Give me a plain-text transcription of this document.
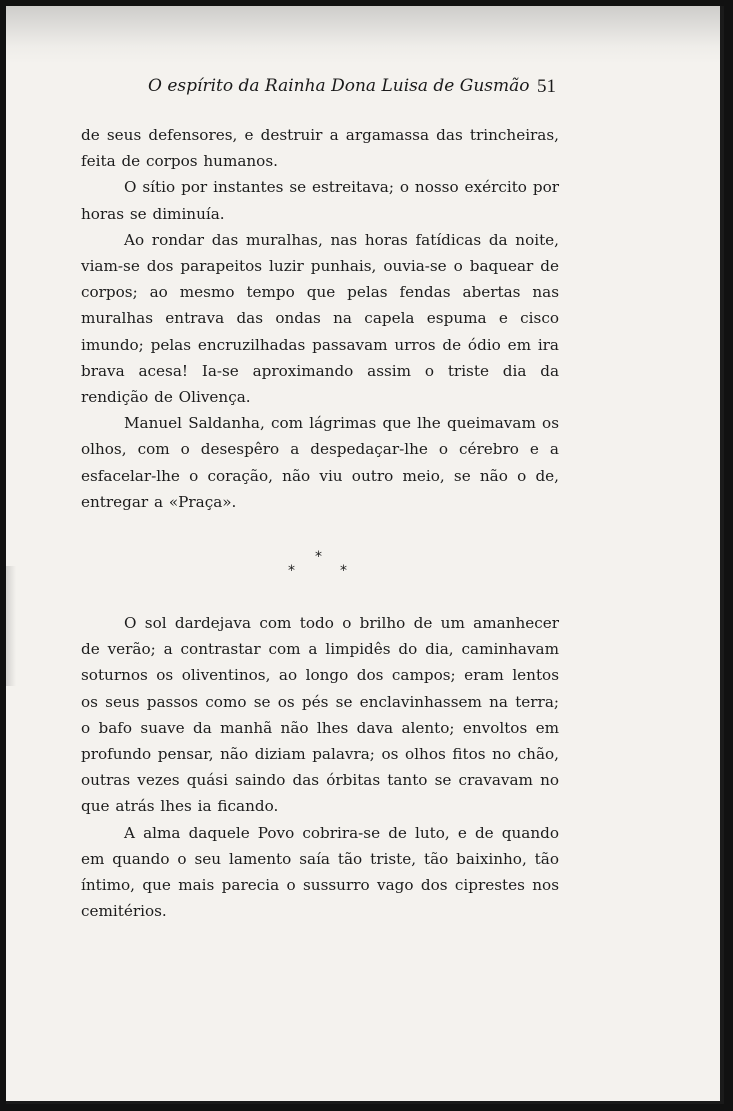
O espírito da Rainha Dona Luisa de Gusmão 51

de seus defensores, e destruir a argamassa das trincheiras, feita de corpos humanos.

O sítio por instantes se estreitava; o nosso exército por horas se diminuía.

Ao rondar das muralhas, nas horas fatídicas da noite, viam-se dos parapeitos luzir punhais, ouvia-se o baquear de corpos; ao mesmo tempo que pelas fendas abertas nas muralhas entrava das ondas na capela espuma e cisco imundo; pelas encruzilhadas passavam urros de ódio em ira brava acesa! Ia-se aproximando assim o triste dia da rendição de Olivença.

Manuel Saldanha, com lágrimas que lhe queimavam os olhos, com o desespêro a despedaçar-lhe o cérebro e a esfacelar-lhe o coração, não viu outro meio, se não o de, entregar a «Praça».

*
*	*

O sol dardejava com todo o brilho de um amanhecer de verão; a contrastar com a limpidês do dia, caminhavam soturnos os oliventinos, ao longo dos campos; eram lentos os seus passos como se os pés se enclavinhassem na terra; o bafo suave da manhã não lhes dava alento; envoltos em profundo pensar, não diziam palavra; os olhos fitos no chão, outras vezes quási saindo das órbitas tanto se cravavam no que atrás lhes ia ficando.

A alma daquele Povo cobrira-se de luto, e de quando em quando o seu lamento saía tão triste, tão baixinho, tão íntimo, que mais parecia o sussurro vago dos ciprestes nos cemitérios.
